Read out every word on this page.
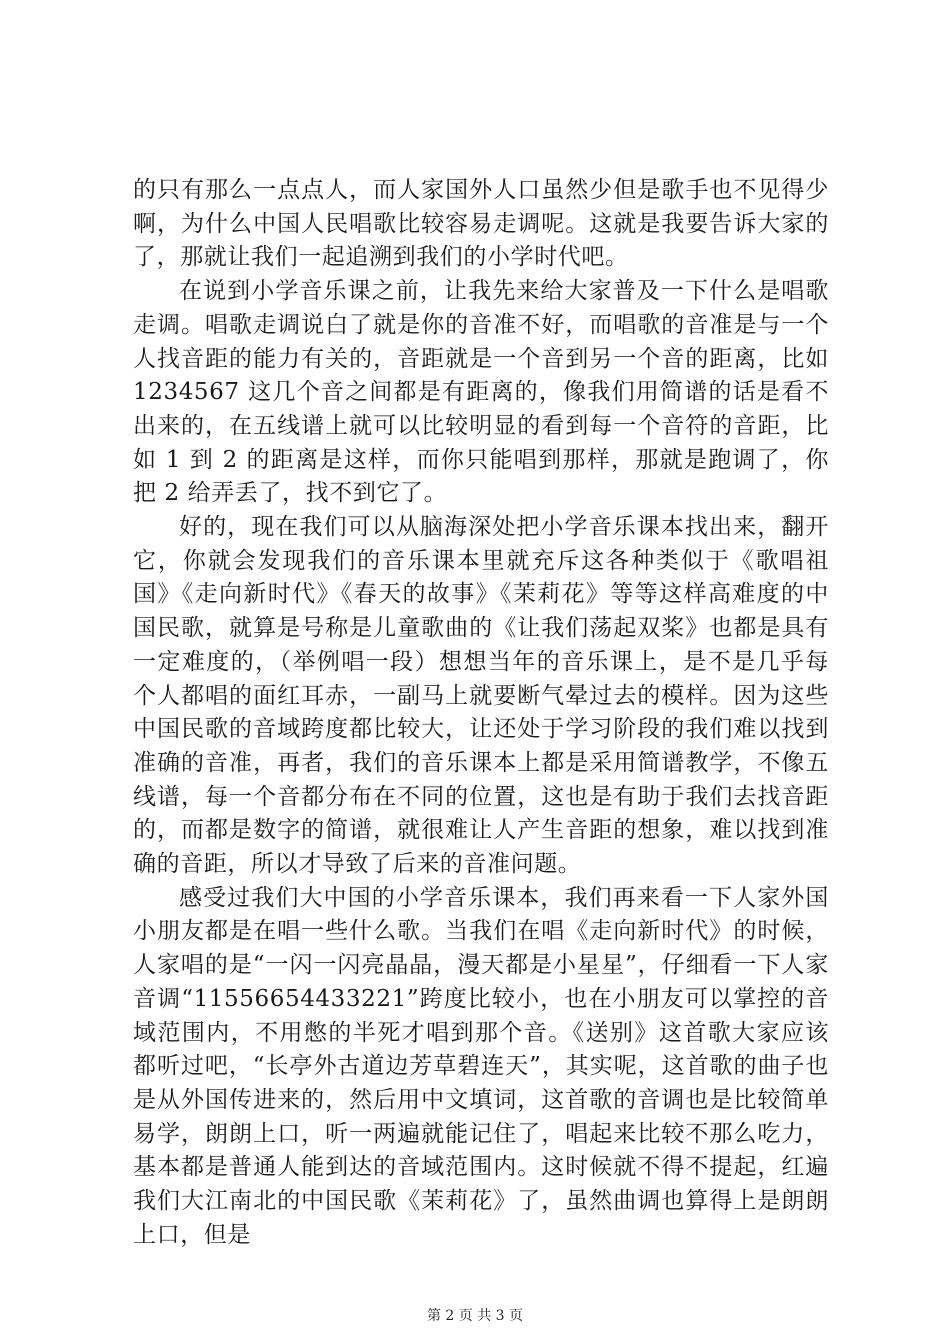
的只有那么一点点人，而人家国外人口虽然少但是歌手也不见得少啊，为什么中国人民唱歌比较容易走调呢。这就是我要告诉大家的了，那就让我们一起追溯到我们的小学时代吧。

在说到小学音乐课之前，让我先来给大家普及一下什么是唱歌走调。唱歌走调说白了就是你的音准不好，而唱歌的音准是与一个人找音距的能力有关的，音距就是一个音到另一个音的距离，比如 1234567 这几个音之间都是有距离的，像我们用简谱的话是看不出来的，在五线谱上就可以比较明显的看到每一个音符的音距，比如 1 到 2 的距离是这样，而你只能唱到那样，那就是跑调了，你把 2 给弄丢了，找不到它了。

好的，现在我们可以从脑海深处把小学音乐课本找出来，翻开它，你就会发现我们的音乐课本里就充斥这各种类似于《歌唱祖国》《走向新时代》《春天的故事》《茉莉花》等等这样高难度的中国民歌，就算是号称是儿童歌曲的《让我们荡起双桨》也都是具有一定难度的，（举例唱一段）想想当年的音乐课上，是不是几乎每个人都唱的面红耳赤，一副马上就要断气晕过去的模样。因为这些中国民歌的音域跨度都比较大，让还处于学习阶段的我们难以找到准确的音准，再者，我们的音乐课本上都是采用简谱教学，不像五线谱，每一个音都分布在不同的位置，这也是有助于我们去找音距的，而都是数字的简谱，就很难让人产生音距的想象，难以找到准确的音距，所以才导致了后来的音准问题。

感受过我们大中国的小学音乐课本，我们再来看一下人家外国小朋友都是在唱一些什么歌。当我们在唱《走向新时代》的时候，人家唱的是“一闪一闪亮晶晶，漫天都是小星星”，仔细看一下人家音调“11556654433221”跨度比较小，也在小朋友可以掌控的音域范围内，不用憋的半死才唱到那个音。《送别》这首歌大家应该都听过吧，“长亭外古道边芳草碧连天”，其实呢，这首歌的曲子也是从外国传进来的，然后用中文填词，这首歌的音调也是比较简单易学，朗朗上口，听一两遍就能记住了，唱起来比较不那么吃力，基本都是普通人能到达的音域范围内。这时候就不得不提起，红遍我们大江南北的中国民歌《茉莉花》了，虽然曲调也算得上是朗朗上口，但是

第 2 页 共 3 页
